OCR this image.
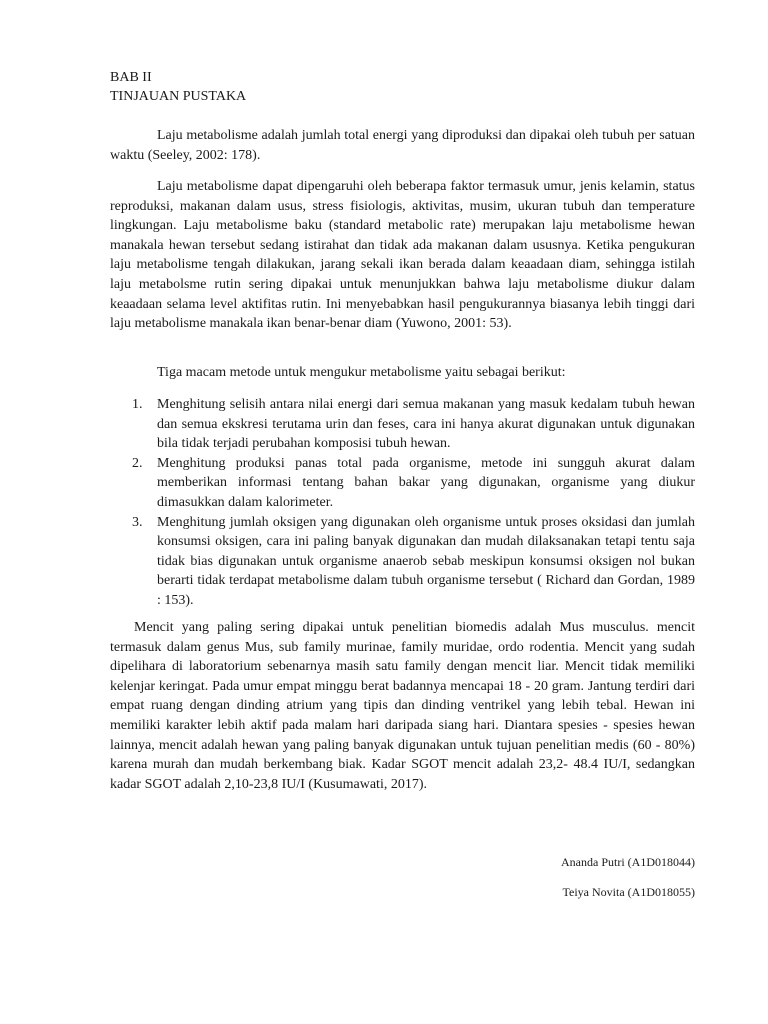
BAB II
TINJAUAN PUSTAKA

Laju metabolisme adalah jumlah total energi yang diproduksi dan dipakai oleh tubuh per satuan waktu (Seeley, 2002: 178).

Laju metabolisme dapat dipengaruhi oleh beberapa faktor termasuk umur, jenis kelamin, status reproduksi, makanan dalam usus, stress fisiologis, aktivitas, musim, ukuran tubuh dan temperature lingkungan. Laju metabolisme baku (standard metabolic rate) merupakan laju metabolisme hewan manakala hewan tersebut sedang istirahat dan tidak ada makanan dalam ususnya. Ketika pengukuran laju metabolisme tengah dilakukan, jarang sekali ikan berada dalam keaadaan diam, sehingga istilah laju metabolsme rutin sering dipakai untuk menunjukkan bahwa laju metabolisme diukur dalam keaadaan selama level aktifitas rutin. Ini menyebabkan hasil pengukurannya biasanya lebih tinggi dari laju metabolisme manakala ikan benar-benar diam (Yuwono, 2001: 53).

Tiga macam metode untuk mengukur metabolisme yaitu sebagai berikut:

1. Menghitung selisih antara nilai energi dari semua makanan yang masuk kedalam tubuh hewan dan semua ekskresi terutama urin dan feses, cara ini hanya akurat digunakan untuk digunakan bila tidak terjadi perubahan komposisi tubuh hewan.
2. Menghitung produksi panas total pada organisme, metode ini sungguh akurat dalam memberikan informasi tentang bahan bakar yang digunakan, organisme yang diukur dimasukkan dalam kalorimeter.
3. Menghitung jumlah oksigen yang digunakan oleh organisme untuk proses oksidasi dan jumlah konsumsi oksigen, cara ini paling banyak digunakan dan mudah dilaksanakan tetapi tentu saja tidak bias digunakan untuk organisme anaerob sebab meskipun konsumsi oksigen nol bukan berarti tidak terdapat metabolisme dalam tubuh organisme tersebut ( Richard dan Gordan, 1989 : 153).

Mencit yang paling sering dipakai untuk penelitian biomedis adalah Mus musculus. mencit termasuk dalam genus Mus, sub family murinae, family muridae, ordo rodentia. Mencit yang sudah dipelihara di laboratorium sebenarnya masih satu family dengan mencit liar. Mencit tidak memiliki kelenjar keringat. Pada umur empat minggu berat badannya mencapai 18 - 20 gram. Jantung terdiri dari empat ruang dengan dinding atrium yang tipis dan dinding ventrikel yang lebih tebal. Hewan ini memiliki karakter lebih aktif pada malam hari daripada siang hari. Diantara spesies - spesies hewan lainnya, mencit adalah hewan yang paling banyak digunakan untuk tujuan penelitian medis (60 - 80%) karena murah dan mudah berkembang biak. Kadar SGOT mencit adalah 23,2- 48.4 IU/I, sedangkan kadar SGOT adalah 2,10-23,8 IU/I (Kusumawati, 2017).

Ananda Putri (A1D018044)
Teiya Novita (A1D018055)
